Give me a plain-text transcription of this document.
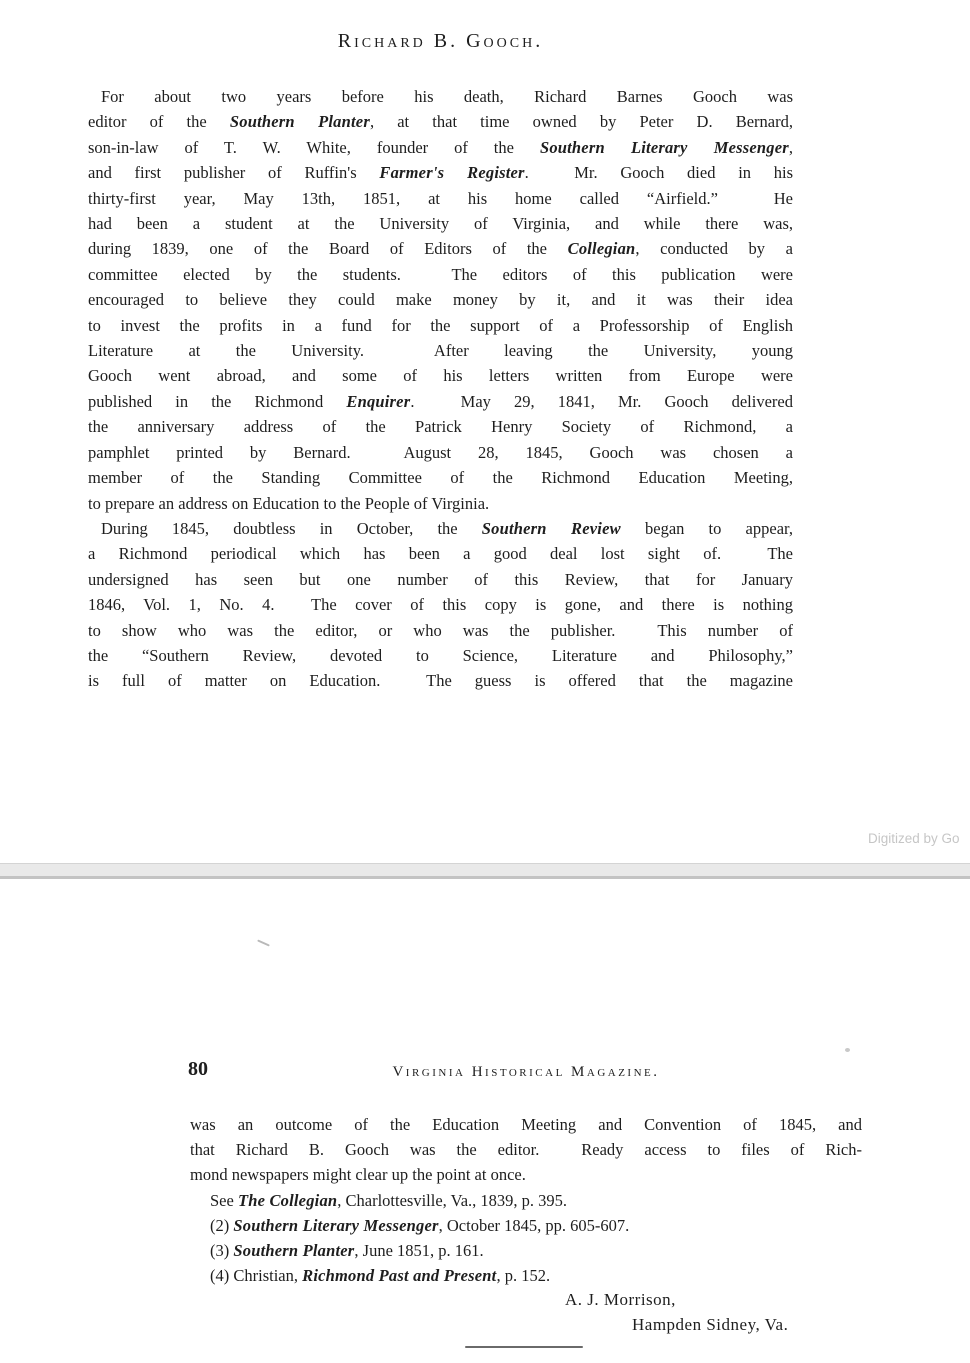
Richard B. Gooch.
For about two years before his death, Richard Barnes Gooch was
editor of the Southern Planter, at that time owned by Peter D. Bernard,
son-in-law of T. W. White, founder of the Southern Literary Messenger,
and first publisher of Ruffin's Farmer's Register.  Mr. Gooch died in his
thirty-first year, May 13th, 1851, at his home called “Airfield.”  He
had been a student at the University of Virginia, and while there was,
during 1839, one of the Board of Editors of the Collegian, conducted by a
committee elected by the students.  The editors of this publication were
encouraged to believe they could make money by it, and it was their idea
to invest the profits in a fund for the support of a Professorship of English
Literature at the University.  After leaving the University, young
Gooch went abroad, and some of his letters written from Europe were
published in the Richmond Enquirer.  May 29, 1841, Mr. Gooch delivered
the anniversary address of the Patrick Henry Society of Richmond, a
pamphlet printed by Bernard.  August 28, 1845, Gooch was chosen a
member of the Standing Committee of the Richmond Education Meeting,
to prepare an address on Education to the People of Virginia.
During 1845, doubtless in October, the Southern Review began to appear,
a Richmond periodical which has been a good deal lost sight of.  The
undersigned has seen but one number of this Review, that for January
1846, Vol. 1, No. 4.  The cover of this copy is gone, and there is nothing
to show who was the editor, or who was the publisher.  This number of
the “Southern Review, devoted to Science, Literature and Philosophy,”
is full of matter on Education.  The guess is offered that the magazine
Digitized by Go
80	Virginia Historical Magazine.
was an outcome of the Education Meeting and Convention of 1845, and
that Richard B. Gooch was the editor.  Ready access to files of Rich-
mond newspapers might clear up the point at once.
See The Collegian, Charlottesville, Va., 1839, p. 395.
(2) Southern Literary Messenger, October 1845, pp. 605-607.
(3) Southern Planter, June 1851, p. 161.
(4) Christian, Richmond Past and Present, p. 152.
A. J. Morrison,
Hampden Sidney, Va.
